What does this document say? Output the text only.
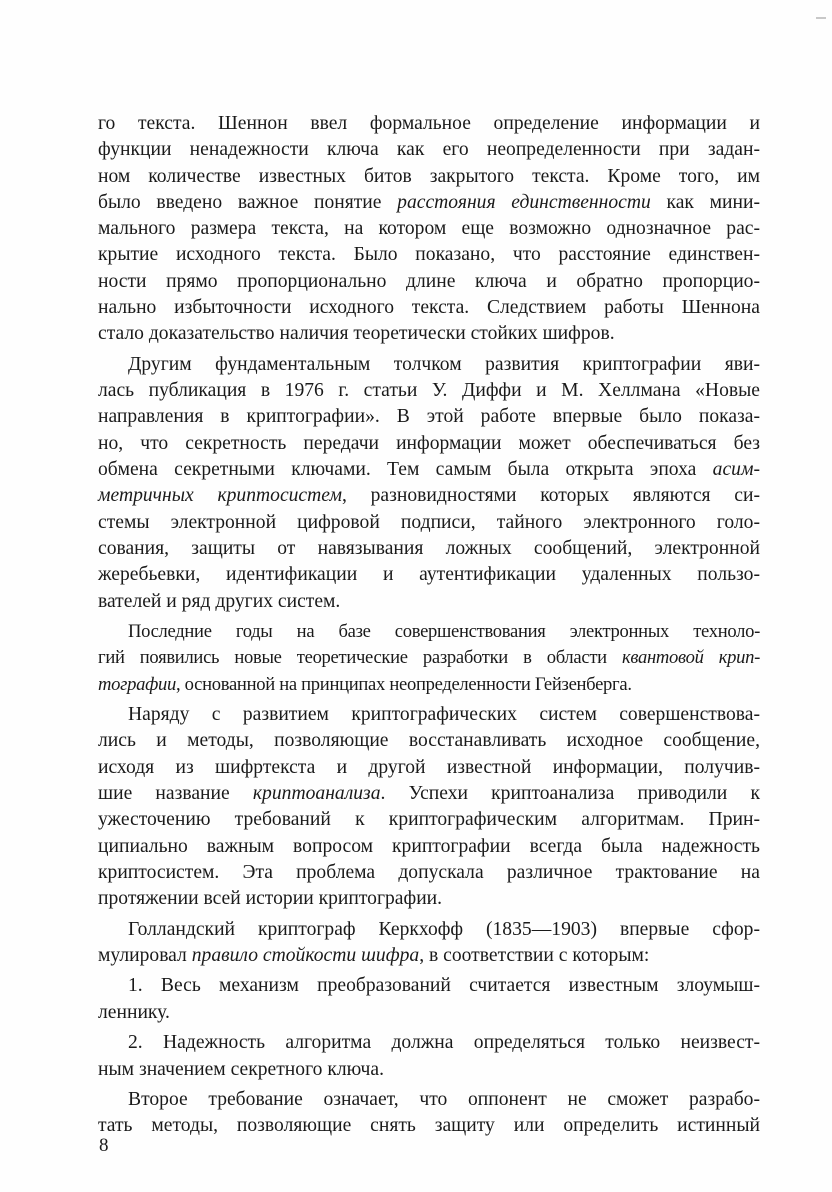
го текста. Шеннон ввел формальное определение информации и
функции ненадежности ключа как его неопределенности при задан-
ном количестве известных битов закрытого текста. Кроме того, им
было введено важное понятие расстояния единственности как мини-
мального размера текста, на котором еще возможно однозначное рас-
крытие исходного текста. Было показано, что расстояние единствен-
ности прямо пропорционально длине ключа и обратно пропорцио-
нально избыточности исходного текста. Следствием работы Шеннона
стало доказательство наличия теоретически стойких шифров.
Другим фундаментальным толчком развития криптографии яви-
лась публикация в 1976 г. статьи У. Диффи и М. Хеллмана «Новые
направления в криптографии». В этой работе впервые было показа-
но, что секретность передачи информации может обеспечиваться без
обмена секретными ключами. Тем самым была открыта эпоха асим-
метричных криптосистем, разновидностями которых являются си-
стемы электронной цифровой подписи, тайного электронного голо-
сования, защиты от навязывания ложных сообщений, электронной
жеребьевки, идентификации и аутентификации удаленных пользо-
вателей и ряд других систем.
Последние годы на базе совершенствования электронных техноло-
гий появились новые теоретические разработки в области квантовой крип-
тографии, основанной на принципах неопределенности Гейзенберга.
Наряду с развитием криптографических систем совершенствова-
лись и методы, позволяющие восстанавливать исходное сообщение,
исходя из шифртекста и другой известной информации, получив-
шие название криптоанализа. Успехи криптоанализа приводили к
ужесточению требований к криптографическим алгоритмам. Прин-
ципиально важным вопросом криптографии всегда была надежность
криптосистем. Эта проблема допускала различное трактование на
протяжении всей истории криптографии.
Голландский криптограф Керкхофф (1835—1903) впервые сфор-
мулировал правило стойкости шифра, в соответствии с которым:
1. Весь механизм преобразований считается известным злоумыш-
леннику.
2. Надежность алгоритма должна определяться только неизвест-
ным значением секретного ключа.
Второе требование означает, что оппонент не сможет разрабо-
тать методы, позволяющие снять защиту или определить истинный
8
